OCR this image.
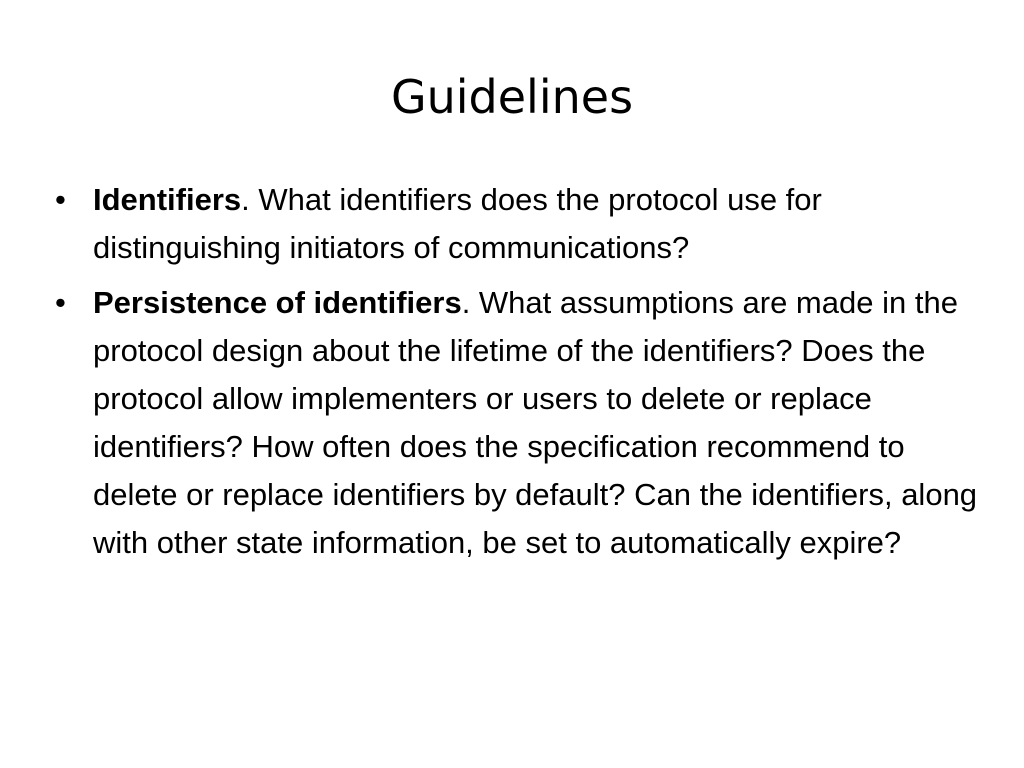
Guidelines
• Identifiers. What identifiers does the protocol use for distinguishing initiators of communications?
• Persistence of identifiers. What assumptions are made in the protocol design about the lifetime of the identifiers? Does the protocol allow implementers or users to delete or replace identifiers? How often does the specification recommend to delete or replace identifiers by default? Can the identifiers, along with other state information, be set to automatically expire?
